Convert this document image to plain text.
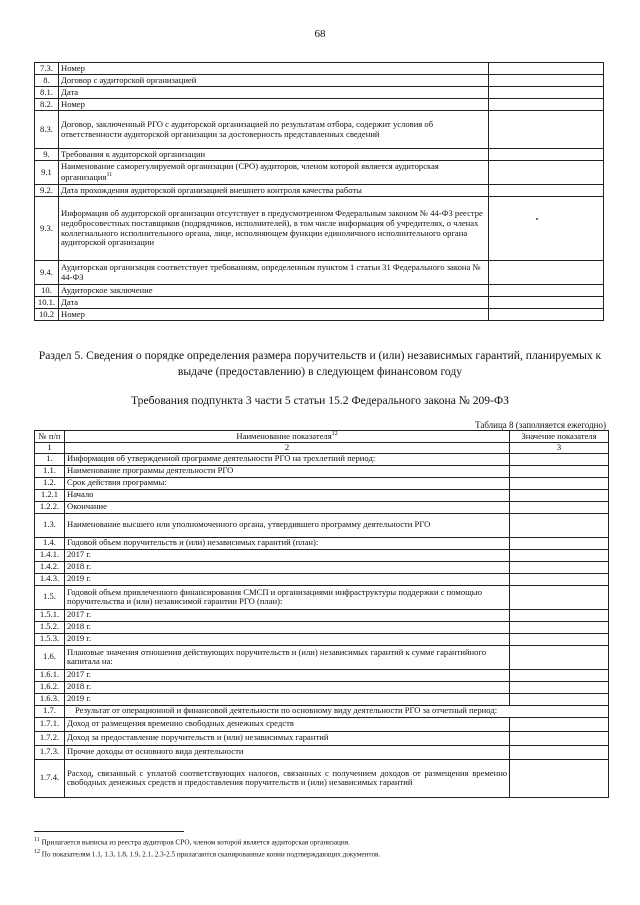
68
7.3.	Номер	
8.	Договор с аудиторской организацией	
8.1.	Дата	
8.2.	Номер	
8.3.	Договор, заключенный РГО с аудиторской организацией по результатам отбора, содержит условия об ответственности аудиторской организации за достоверность представленных сведений	
9.	Требования к аудиторской организации	
9.1	Наименование саморегулируемой организации (СРО) аудиторов, членом которой является аудиторская организация$^{11}$	
9.2.	Дата прохождения аудиторской организацией внешнего контроля качества работы	
9.3.	Информация об аудиторской организации отсутствует в предусмотренном Федеральным законом № 44-ФЗ реестре недобросовестных поставщиков (подрядчиков, исполнителей), в том числе информация об учредителях, о членах коллегиального исполнительного органа, лице, исполняющем функции единоличного исполнительного органа аудиторской организации	
9.4.	Аудиторская организация соответствует требованиям, определенным пунктом 1 статьи 31 Федерального закона № 44-ФЗ	
10.	Аудиторское заключение	
10.1.	Дата	
10.2	Номер	
Раздел 5. Сведения о порядке определения размера поручительств и (или) независимых гарантий, планируемых к выдаче (предоставлению) в следующем финансовом году
Требования подпункта 3 части 5 статьи 15.2 Федерального закона № 209-ФЗ
Таблица 8 (заполняется ежегодно)
№ п/п	Наименование показателя$^{12}$	Значение показателя
1	2	3
1.	Информация об утвержденной программе деятельности РГО на трехлетний период:	
1.1.	Наименование программы деятельности РГО	
1.2.	Срок действия программы:	
1.2.1	Начало	
1.2.2.	Окончание	
1.3.	Наименование высшего или уполномоченного органа, утвердившего программу деятельности РГО	
1.4.	Годовой объем поручительств и (или) независимых гарантий (план):	
1.4.1.	2017 г.	
1.4.2.	2018 г.	
1.4.3.	2019 г.	
1.5.	Годовой объем привлеченного финансирования СМСП и организациями инфраструктуры поддержки с помощью поручительства и (или) независимой гарантии РГО (план):	
1.5.1.	2017 г.	
1.5.2.	2018 г.	
1.5.3.	2019 г.	
1.6.	Плановые значения отношения действующих поручительств и (или) независимых гарантий к сумме гарантийного капитала на:	
1.6.1.	2017 г.	
1.6.2.	2018 г.	
1.6.3.	2019 г.	
1.7.	Результат от операционной и финансовой деятельности по основному виду деятельности РГО за отчетный период:	
1.7.1.	Доход от размещения временно свободных денежных средств	
1.7.2.	Доход за предоставление поручительств и (или) независимых гарантий	
1.7.3.	Прочие доходы от основного вида деятельности	
1.7.4.	Расход, связанный с уплатой соответствующих налогов, связанных с получением доходов от размещения временно свободных денежных средств и предоставления поручительств и (или) независимых гарантий	
$^{11}$ Прилагается выписка из реестра аудиторов СРО, членом которой является аудиторская организация.
$^{12}$ По показателям 1.1, 1.3, 1.8, 1.9, 2.1, 2.3-2.5 прилагаются сканированные копии подтверждающих документов.
